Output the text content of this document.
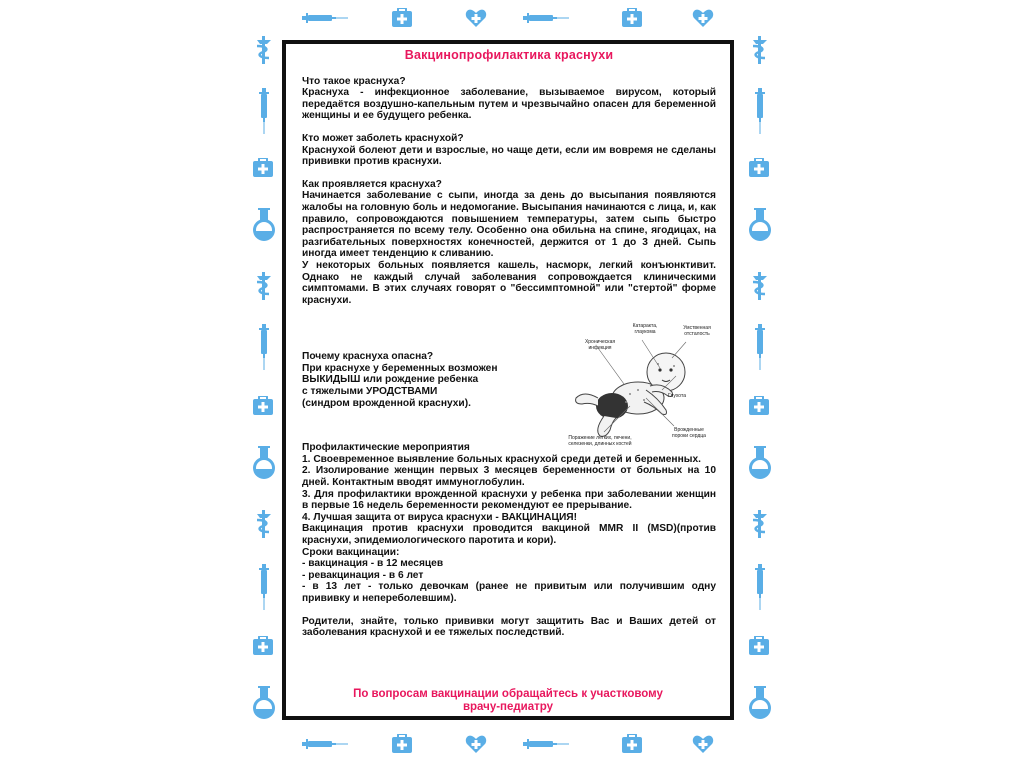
Вакцинопрофилактика краснухи

Что такое краснуха?

Краснуха - инфекционное заболевание, вызываемое вирусом, который передаётся воздушно-капельным путем и чрезвычайно опасен для беременной женщины и ее будущего ребенка.

Кто может заболеть краснухой?

Краснухой болеют дети и взрослые, но чаще дети, если им вовремя не сделаны прививки против краснухи.

Как проявляется краснуха?

Начинается заболевание с сыпи, иногда за день до высыпания появляются жалобы на головную боль и недомогание. Высыпания начинаются с лица, и, как правило, сопровождаются повышением температуры, затем сыпь быстро распространяется по всему телу. Особенно она обильна на спине, ягодицах, на разгибательных поверхностях конечностей, держится от 1 до 3 дней. Сыпь иногда имеет тенденцию к сливанию.

У некоторых больных появляется кашель, насморк, легкий конъюнктивит. Однако не каждый случай заболевания сопровождается клиническими симптомами. В этих случаях говорят о "бессимптомной" или "стертой" форме краснухи.

Почему краснуха опасна?

При краснухе у беременных возможен

ВЫКИДЫШ или рождение ребенка

с тяжелыми УРОДСТВАМИ

(синдром врожденной краснухи).

Профилактические мероприятия

1. Своевременное выявление больных краснухой среди детей и беременных.

2. Изолирование женщин первых 3 месяцев беременности от больных на 10 дней. Контактным вводят иммуноглобулин.

3. Для профилактики врожденной краснухи у ребенка при заболевании женщин в первые 16 недель беременности рекомендуют ее прерывание.

4. Лучшая защита от вируса краснухи - ВАКЦИНАЦИЯ!

Вакцинация против краснухи проводится вакциной MMR II (MSD)(против краснухи, эпидемиологического паротита и кори).

Сроки вакцинации:

- вакцинация - в 12 месяцев

- ревакцинация - в 6 лет

- в 13 лет - только девочкам (ранее не привитым или получившим одну прививку и непереболевшим).

Родители, знайте, только прививки могут защитить Вас и Ваших детей от заболевания краснухой и ее тяжелых последствий.

Катаракта, глаукома
Умственная отсталость
Хроническая инфекция
Глухота
Поражение легких, печени, селезенки, длинных костей
Врожденные пороки сердца
По вопросам вакцинации обращайтесь к участковому
врачу-педиатру
